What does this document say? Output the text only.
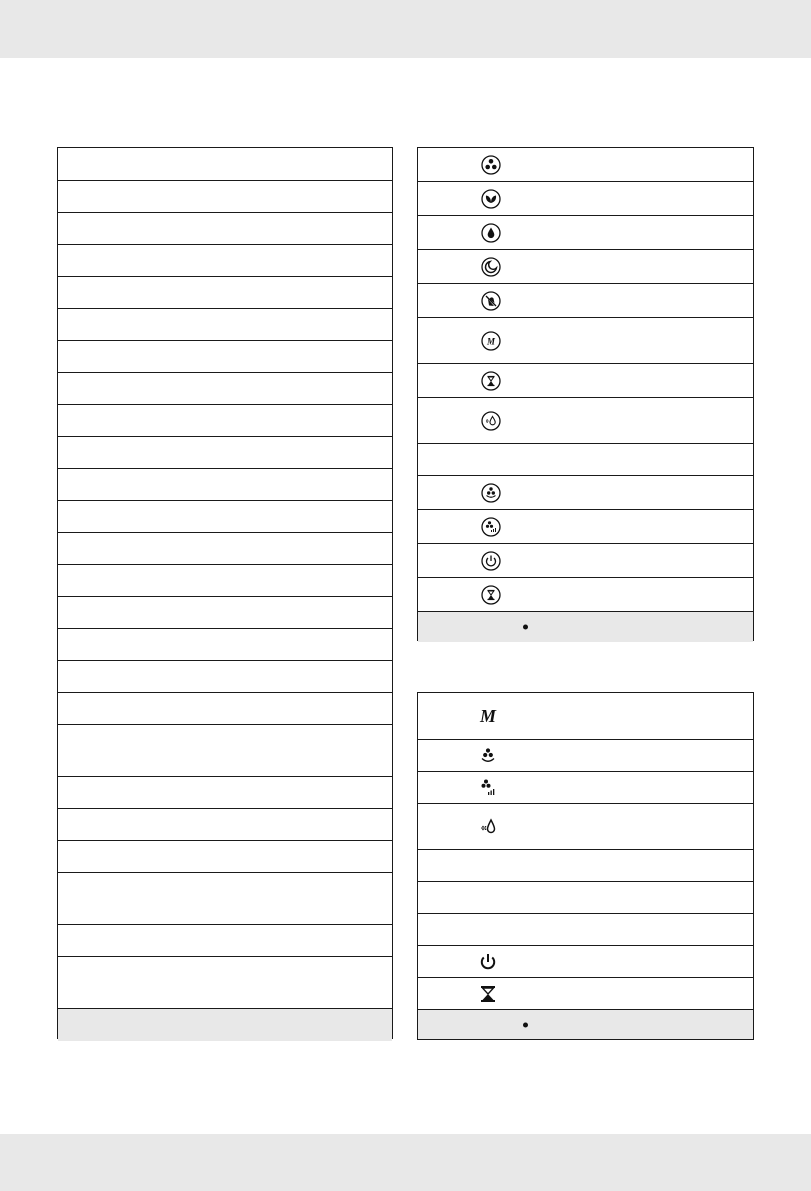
M
M
